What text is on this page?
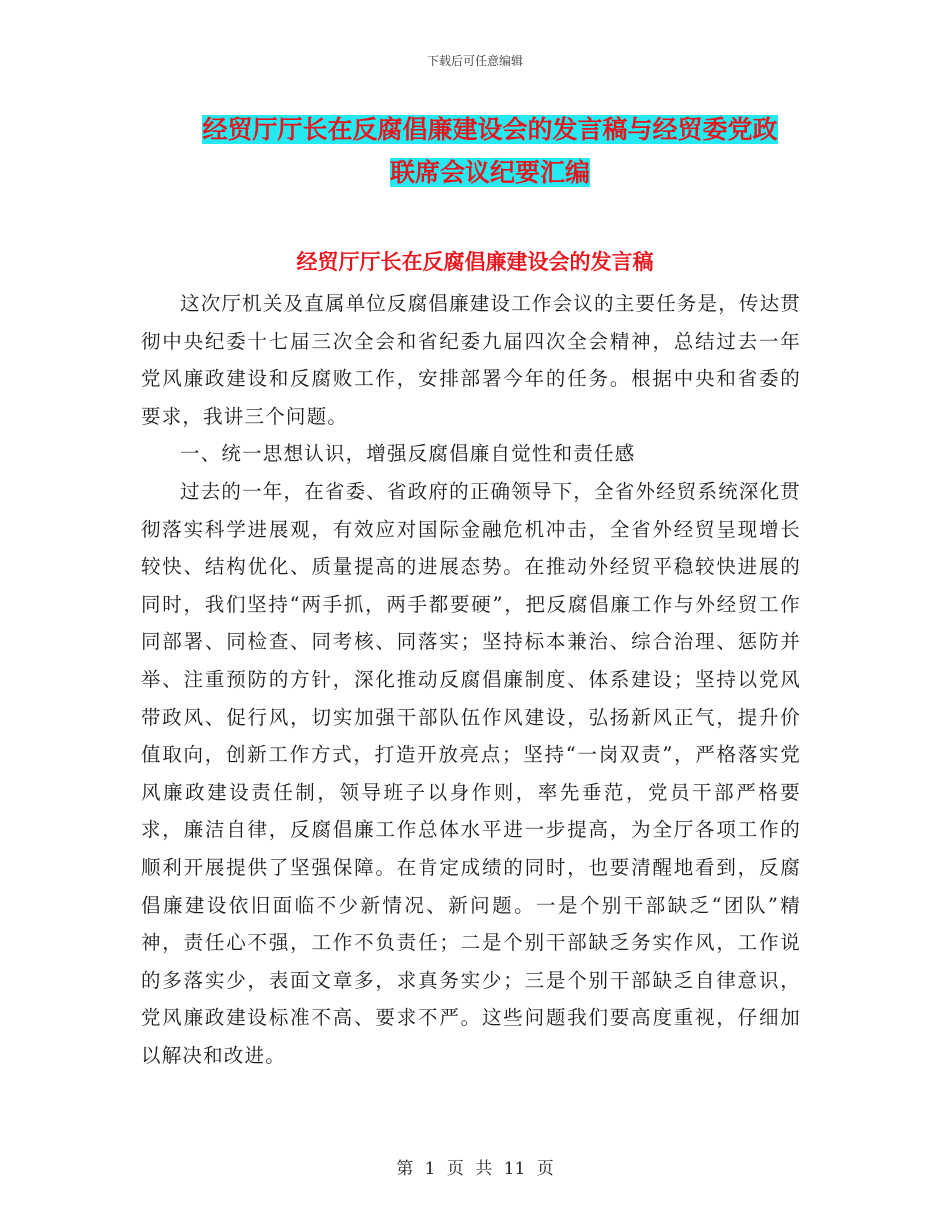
下载后可任意编辑
经贸厅厅长在反腐倡廉建设会的发言稿与经贸委党政
联席会议纪要汇编
经贸厅厅长在反腐倡廉建设会的发言稿

这次厅机关及直属单位反腐倡廉建设工作会议的主要任务是，传达贯彻中央纪委十七届三次全会和省纪委九届四次全会精神，总结过去一年党风廉政建设和反腐败工作，安排部署今年的任务。根据中央和省委的要求，我讲三个问题。

一、统一思想认识，增强反腐倡廉自觉性和责任感

过去的一年，在省委、省政府的正确领导下，全省外经贸系统深化贯彻落实科学进展观，有效应对国际金融危机冲击，全省外经贸呈现增长较快、结构优化、质量提高的进展态势。在推动外经贸平稳较快进展的同时，我们坚持“两手抓，两手都要硬”，把反腐倡廉工作与外经贸工作同部署、同检查、同考核、同落实；坚持标本兼治、综合治理、惩防并举、注重预防的方针，深化推动反腐倡廉制度、体系建设；坚持以党风带政风、促行风，切实加强干部队伍作风建设，弘扬新风正气，提升价值取向，创新工作方式，打造开放亮点；坚持“一岗双责”，严格落实党风廉政建设责任制，领导班子以身作则，率先垂范，党员干部严格要求，廉洁自律，反腐倡廉工作总体水平进一步提高，为全厅各项工作的顺利开展提供了坚强保障。在肯定成绩的同时，也要清醒地看到，反腐倡廉建设依旧面临不少新情况、新问题。一是个别干部缺乏“团队”精神，责任心不强，工作不负责任；二是个别干部缺乏务实作风，工作说的多落实少，表面文章多，求真务实少；三是个别干部缺乏自律意识，党风廉政建设标准不高、要求不严。这些问题我们要高度重视，仔细加以解决和改进。

第 1 页 共 11 页
